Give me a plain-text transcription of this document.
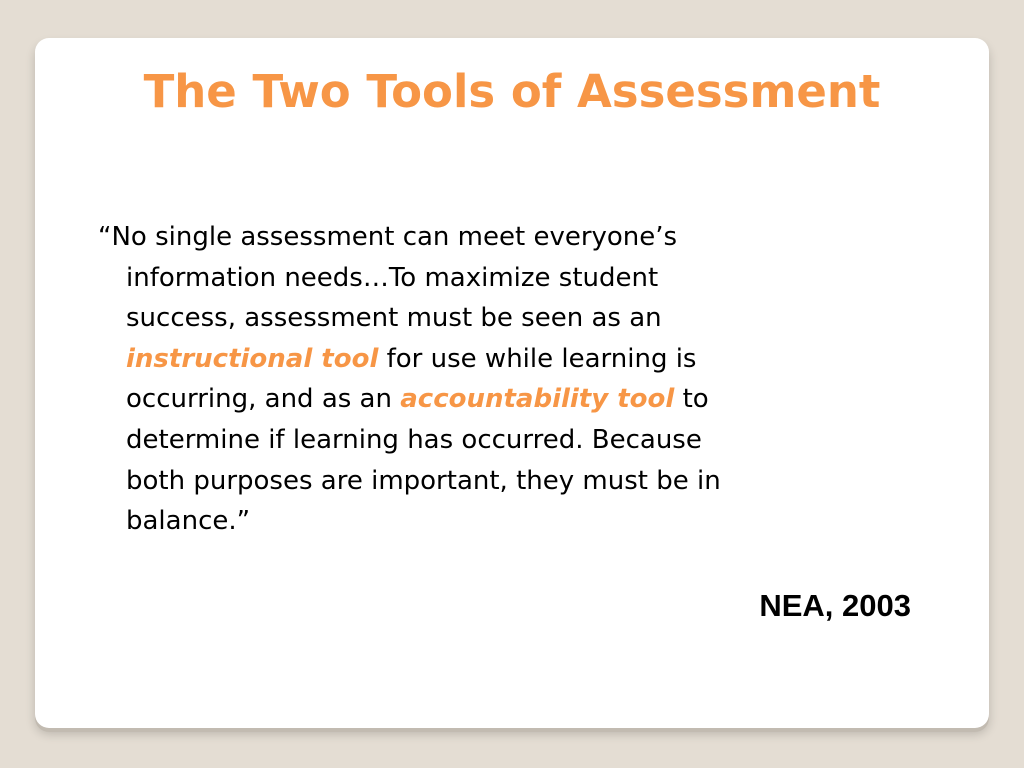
The Two Tools of Assessment

“No single assessment can meet everyone’s
information needs…To maximize student
success, assessment must be seen as an
instructional tool for use while learning is
occurring, and as an accountability tool to
determine if learning has occurred. Because
both purposes are important, they must be in
balance.”

NEA, 2003
